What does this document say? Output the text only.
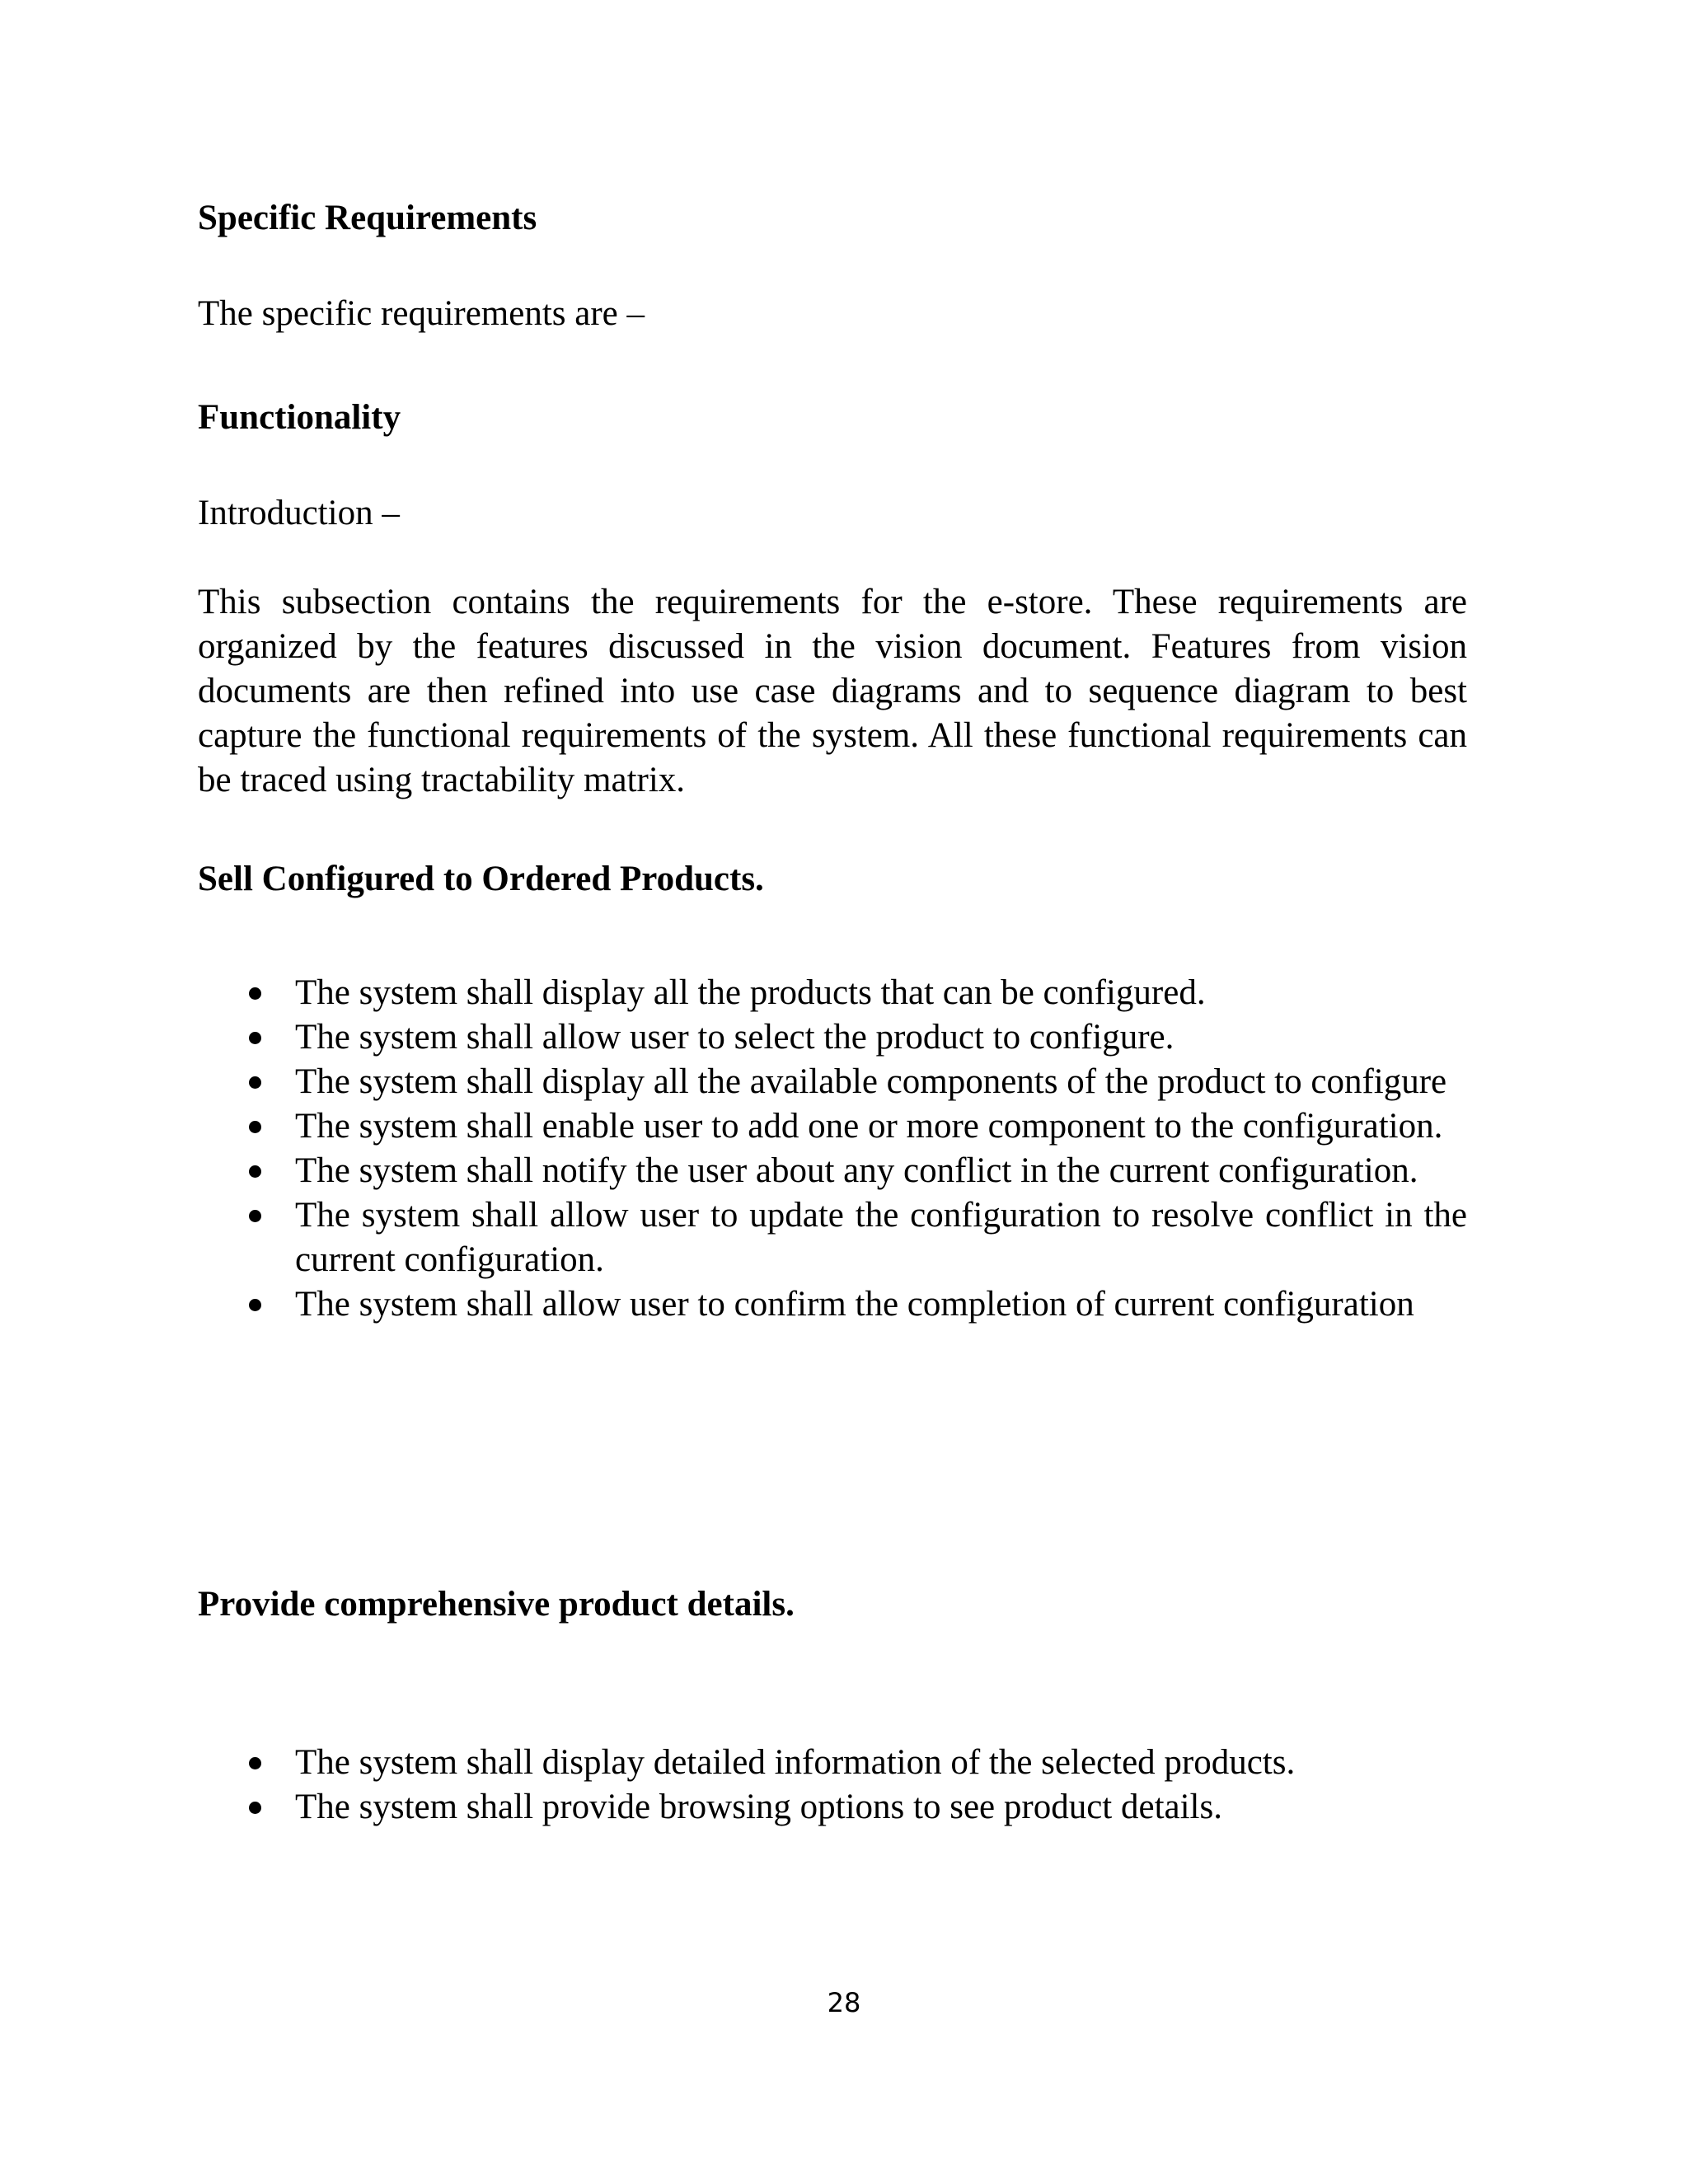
Specific Requirements

The specific requirements are –

Functionality

Introduction –

This subsection contains the requirements for the e-store. These requirements are organized by the features discussed in the vision document. Features from vision documents are then refined into use case diagrams and to sequence diagram to best capture the functional requirements of the system. All these functional requirements can be traced using tractability matrix.

Sell Configured to Ordered Products.

The system shall display all the products that can be configured.
The system shall allow user to select the product to configure.
The system shall display all the available components of the product to configure
The system shall enable user to add one or more component to the configuration.
The system shall notify the user about any conflict in the current configuration.
The system shall allow user to update the configuration to resolve conflict in the current configuration.
The system shall allow user to confirm the completion of current configuration

Provide comprehensive product details.

The system shall display detailed information of the selected products.
The system shall provide browsing options to see product details.
28
